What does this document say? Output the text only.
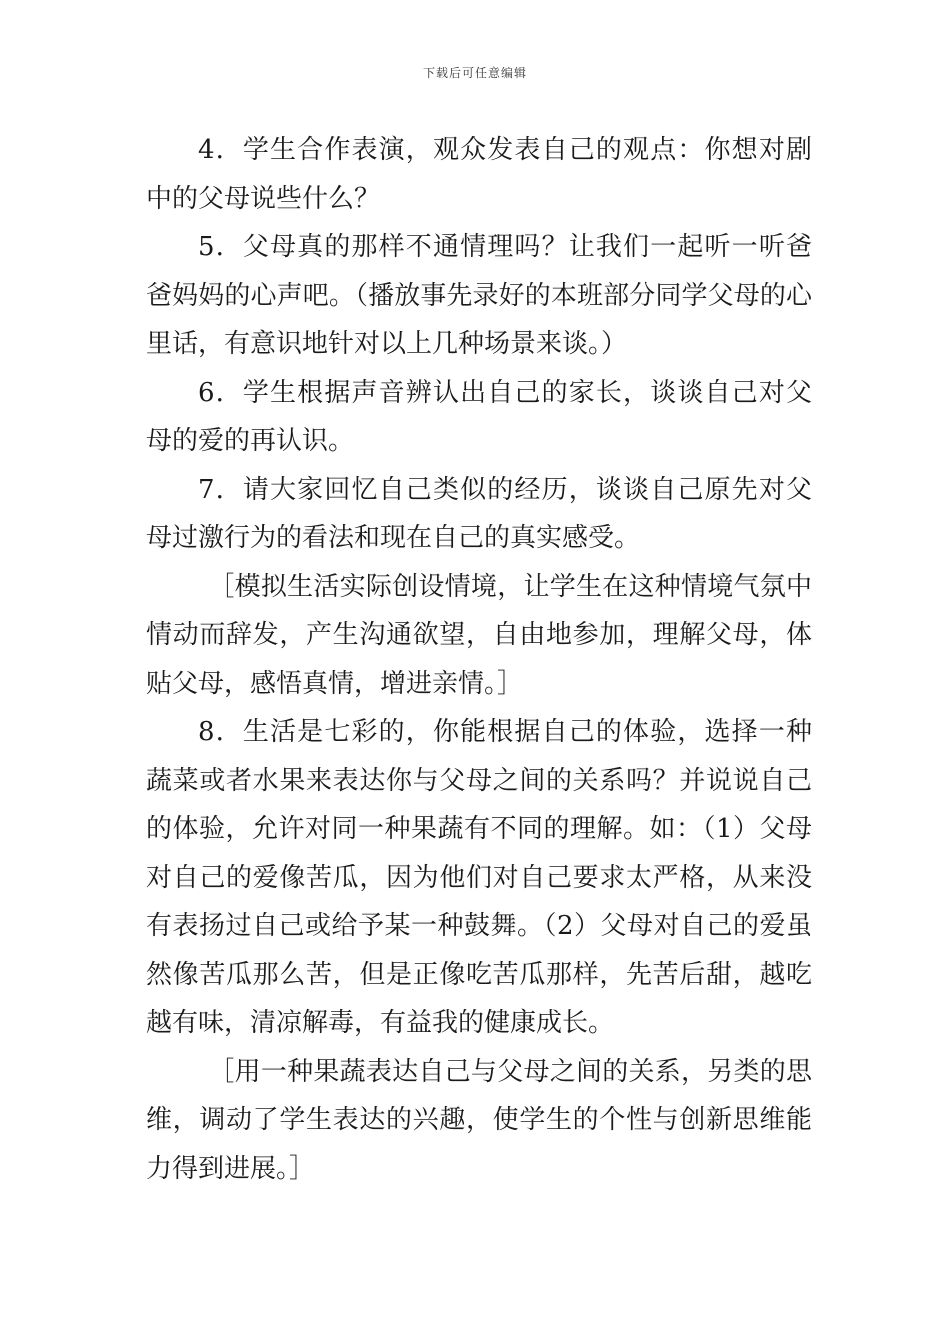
下载后可任意编辑

4．学生合作表演，观众发表自己的观点：你想对剧中的父母说些什么？

5．父母真的那样不通情理吗？让我们一起听一听爸爸妈妈的心声吧。（播放事先录好的本班部分同学父母的心里话，有意识地针对以上几种场景来谈。）

6．学生根据声音辨认出自己的家长，谈谈自己对父母的爱的再认识。

7．请大家回忆自己类似的经历，谈谈自己原先对父母过激行为的看法和现在自己的真实感受。

［模拟生活实际创设情境，让学生在这种情境气氛中情动而辞发，产生沟通欲望，自由地参加，理解父母，体贴父母，感悟真情，增进亲情。］

8．生活是七彩的，你能根据自己的体验，选择一种蔬菜或者水果来表达你与父母之间的关系吗？并说说自己的体验，允许对同一种果蔬有不同的理解。如：（1）父母对自己的爱像苦瓜，因为他们对自己要求太严格，从来没有表扬过自己或给予某一种鼓舞。（2）父母对自己的爱虽然像苦瓜那么苦，但是正像吃苦瓜那样，先苦后甜，越吃越有味，清凉解毒，有益我的健康成长。

［用一种果蔬表达自己与父母之间的关系，另类的思维，调动了学生表达的兴趣，使学生的个性与创新思维能力得到进展。］
